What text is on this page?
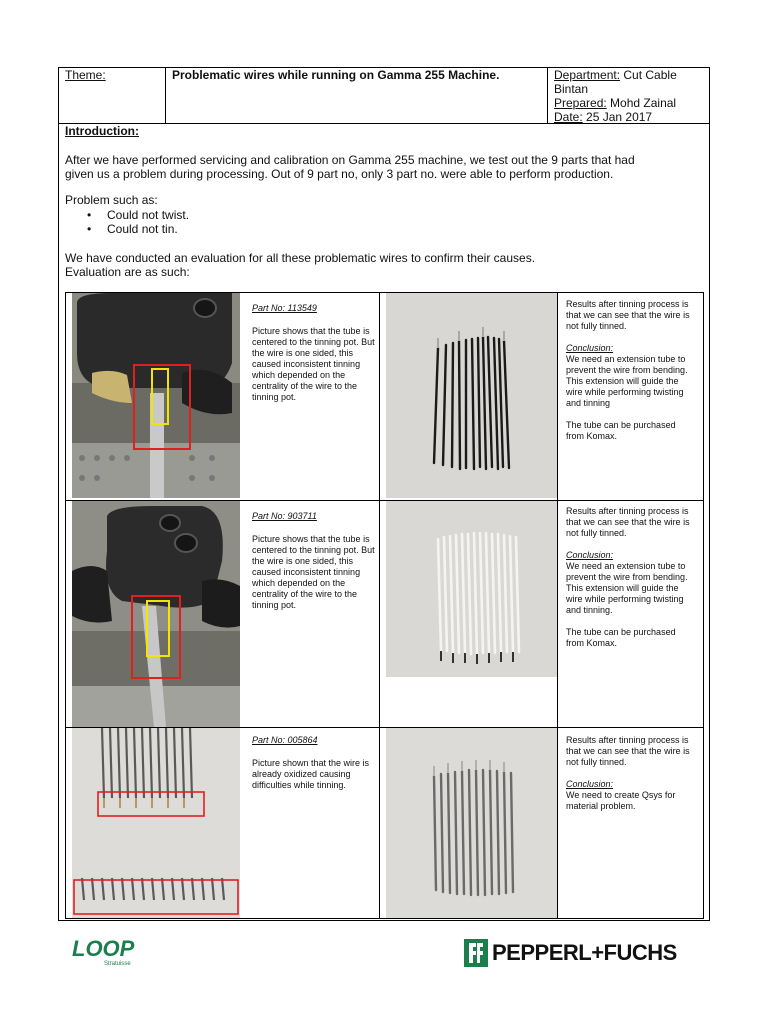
Theme:	Problematic wires while running on Gamma 255 Machine.	Department: Cut Cable Bintan
Prepared: Mohd Zainal
Date: 25 Jan 2017
Introduction:
After we have performed servicing and calibration on Gamma 255 machine, we test out the 9 parts that had given us a problem during processing. Out of 9 part no, only 3 part no. were able to perform production.
Problem such as:
• Could not twist.
• Could not tin.
We have conducted an evaluation for all these problematic wires to confirm their causes.
Evaluation are as such:
Part No: 113549
Picture shows that the tube is centered to the tinning pot. But the wire is one sided, this caused inconsistent tinning which depended on the centrality of the wire to the tinning pot.
Results after tinning process is that we can see that the wire is not fully tinned.
Conclusion:
We need an extension tube to prevent the wire from bending. This extension will guide the wire while performing twisting and tinning
The tube can be purchased from Komax.
Part No: 903711
Picture shows that the tube is centered to the tinning pot. But the wire is one sided, this caused inconsistent tinning which depended on the centrality of the wire to the tinning pot.
Results after tinning process is that we can see that the wire is not fully tinned.
Conclusion:
We need an extension tube to prevent the wire from bending. This extension will guide the wire while performing twisting and tinning.
The tube can be purchased from Komax.
Part No: 005864
Picture shown that the wire is already oxidized causing difficulties while tinning.
Results after tinning process is that we can see that the wire is not fully tinned.
Conclusion:
We need to create Qsys for material problem.
LOOP
Stratuisse	PEPPERL+FUCHS
